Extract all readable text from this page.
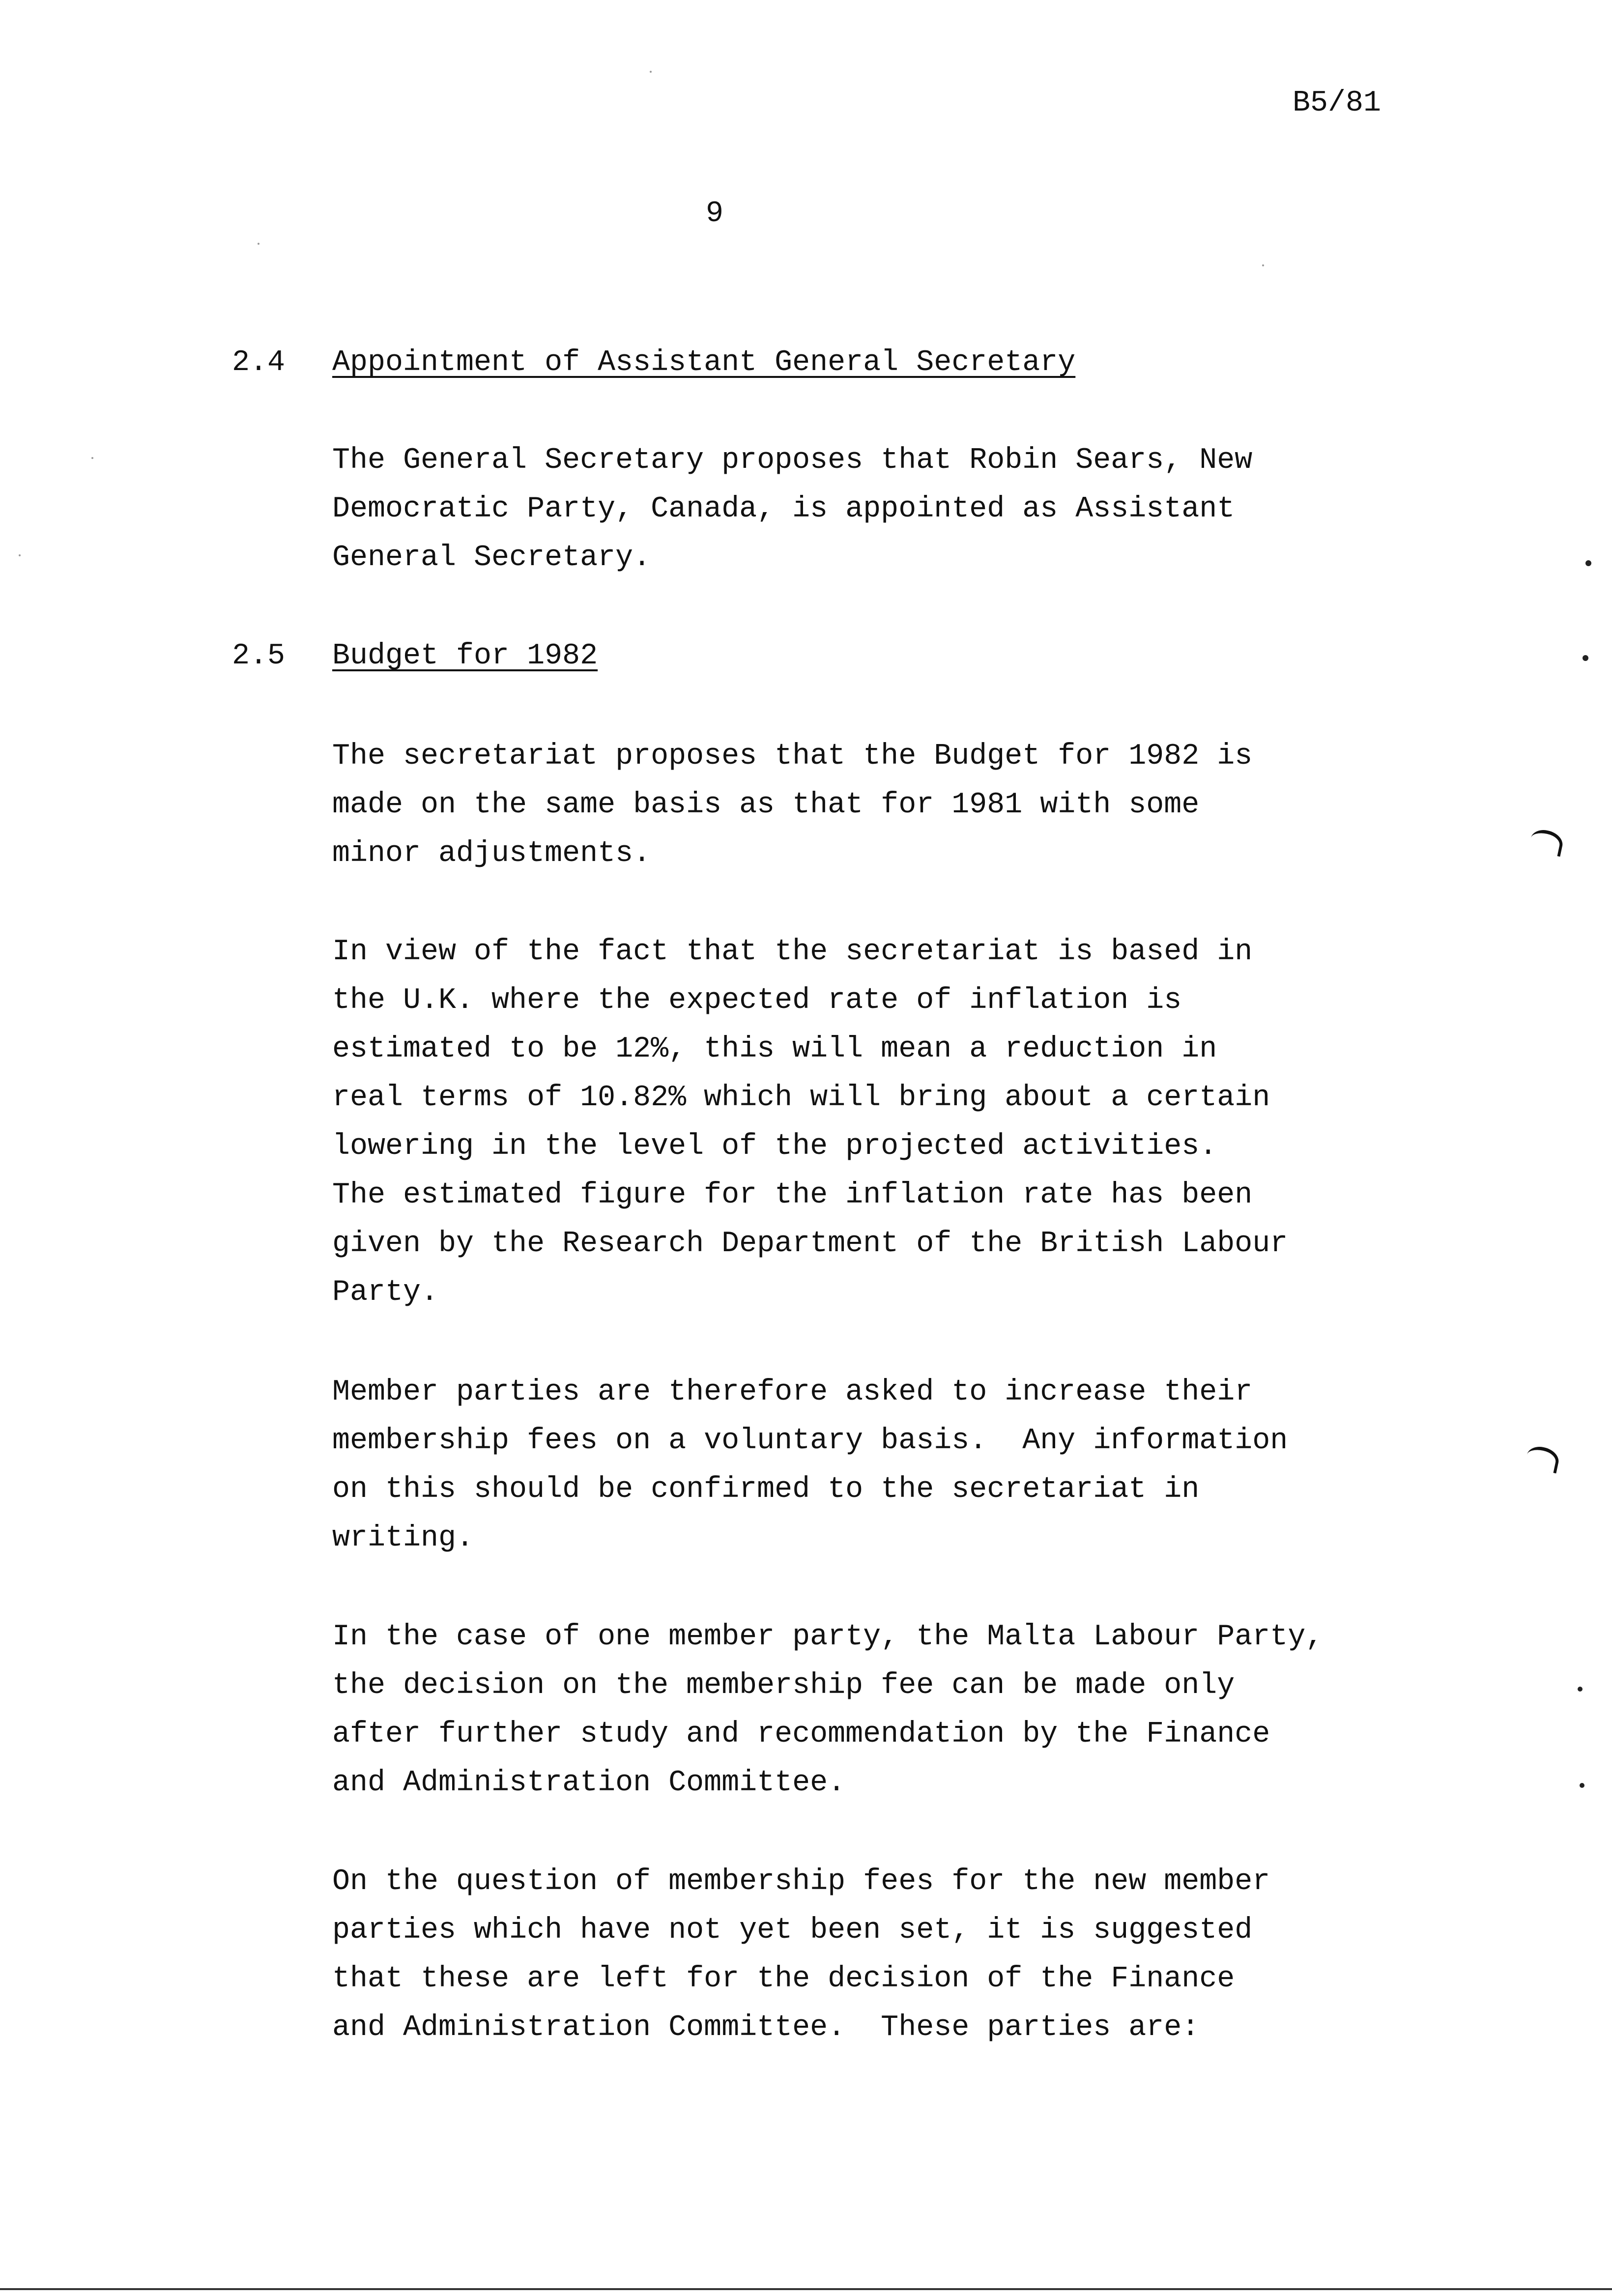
B5/81
9
2.4 Appointment of Assistant General Secretary
The General Secretary proposes that Robin Sears, New
Democratic Party, Canada, is appointed as Assistant
General Secretary.
2.5 Budget for 1982
The secretariat proposes that the Budget for 1982 is
made on the same basis as that for 1981 with some
minor adjustments.
In view of the fact that the secretariat is based in
the U.K. where the expected rate of inflation is
estimated to be 12%, this will mean a reduction in
real terms of 10.82% which will bring about a certain
lowering in the level of the projected activities.
The estimated figure for the inflation rate has been
given by the Research Department of the British Labour
Party.
Member parties are therefore asked to increase their
membership fees on a voluntary basis.  Any information
on this should be confirmed to the secretariat in
writing.
In the case of one member party, the Malta Labour Party,
the decision on the membership fee can be made only
after further study and recommendation by the Finance
and Administration Committee.
On the question of membership fees for the new member
parties which have not yet been set, it is suggested
that these are left for the decision of the Finance
and Administration Committee.  These parties are:
